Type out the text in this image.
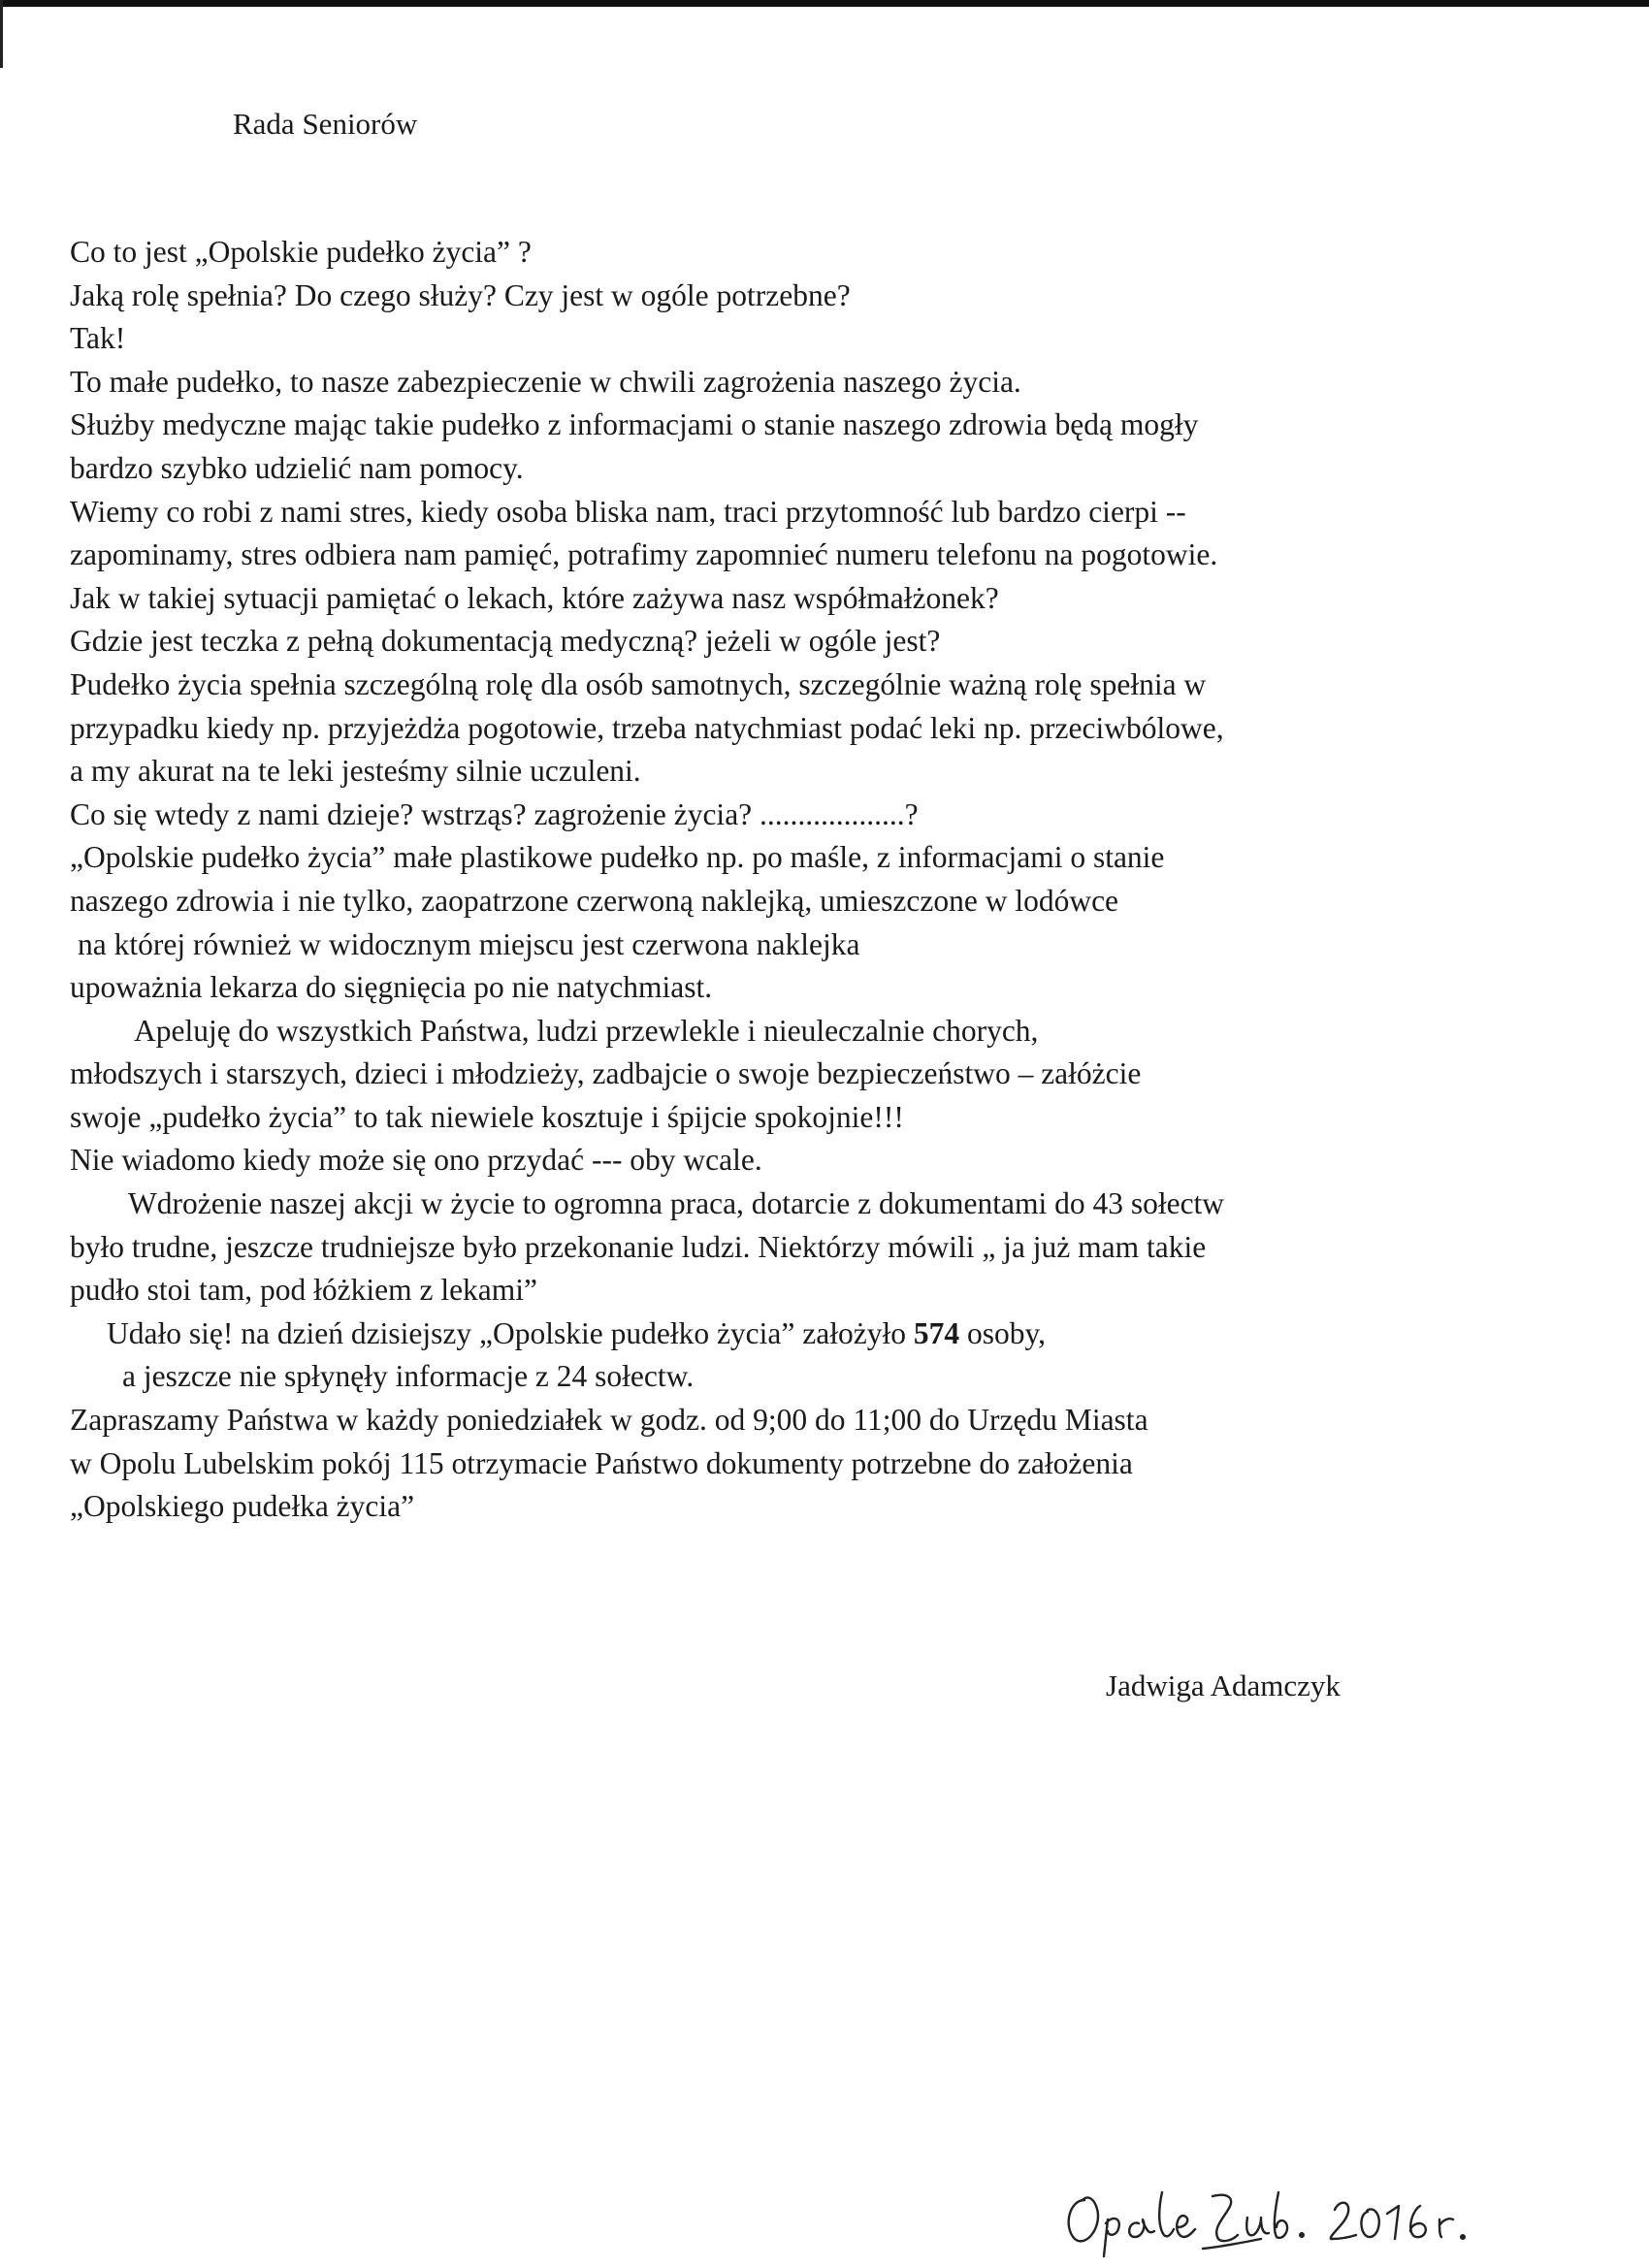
Rada Seniorów
Co to jest „Opolskie pudełko życia” ?
Jaką rolę spełnia? Do czego służy? Czy jest w ogóle potrzebne?
Tak!
To małe pudełko, to nasze zabezpieczenie w chwili zagrożenia naszego życia.
Służby medyczne mając takie pudełko z informacjami o stanie naszego zdrowia będą mogły
bardzo szybko udzielić nam pomocy.
Wiemy co robi z nami stres, kiedy osoba bliska nam, traci przytomność lub bardzo cierpi --
zapominamy, stres odbiera nam pamięć, potrafimy zapomnieć numeru telefonu na pogotowie.
Jak w takiej sytuacji pamiętać o lekach, które zażywa nasz współmałżonek?
Gdzie jest teczka z pełną dokumentacją medyczną? jeżeli w ogóle jest?
Pudełko życia spełnia szczególną rolę dla osób samotnych, szczególnie ważną rolę spełnia w
przypadku kiedy np. przyjeżdża pogotowie, trzeba natychmiast podać leki np. przeciwbólowe,
a my akurat na te leki jesteśmy silnie uczuleni.
Co się wtedy z nami dzieje? wstrząs? zagrożenie życia? ...................?
„Opolskie pudełko życia” małe plastikowe pudełko np. po maśle, z informacjami o stanie
naszego zdrowia i nie tylko, zaopatrzone czerwoną naklejką, umieszczone w lodówce
na której również w widocznym miejscu jest czerwona naklejka
upoważnia lekarza do sięgnięcia po nie natychmiast.
Apeluję do wszystkich Państwa, ludzi przewlekle i nieuleczalnie chorych,
młodszych i starszych, dzieci i młodzieży, zadbajcie o swoje bezpieczeństwo – załóżcie
swoje „pudełko życia” to tak niewiele kosztuje i śpijcie spokojnie!!!
Nie wiadomo kiedy może się ono przydać --- oby wcale.
Wdrożenie naszej akcji w życie to ogromna praca, dotarcie z dokumentami do 43 sołectw
było trudne, jeszcze trudniejsze było przekonanie ludzi. Niektórzy mówili „ ja już mam takie
pudło stoi tam, pod łóżkiem z lekami”
Udało się! na dzień dzisiejszy „Opolskie pudełko życia” założyło 574 osoby,
a jeszcze nie spłynęły informacje z 24 sołectw.
Zapraszamy Państwa w każdy poniedziałek w godz. od 9;00 do 11;00 do Urzędu Miasta
w Opolu Lubelskim pokój 115 otrzymacie Państwo dokumenty potrzebne do założenia
„Opolskiego pudełka życia”
Jadwiga Adamczyk
